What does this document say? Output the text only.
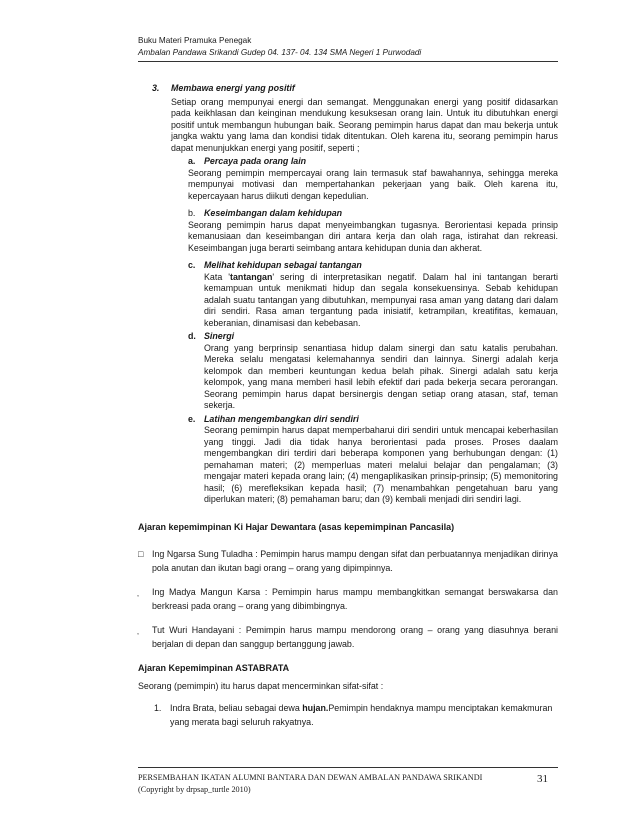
Buku Materi Pramuka Penegak
Ambalan Pandawa Srikandi Gudep 04. 137- 04. 134 SMA Negeri 1 Purwodadi
3. Membawa energi yang positif
Setiap orang mempunyai energi dan semangat. Menggunakan energi yang positif didasarkan pada keikhlasan dan keinginan mendukung kesuksesan orang lain. Untuk itu dibutuhkan energi positif untuk membangun hubungan baik. Seorang pemimpin harus dapat dan mau bekerja untuk jangka waktu yang lama dan kondisi tidak ditentukan. Oleh karena itu, seorang pemimpin harus dapat menunjukkan energi yang positif, seperti ;
a. Percaya pada orang lain
Seorang pemimpin mempercayai orang lain termasuk staf bawahannya, sehingga mereka mempunyai motivasi dan mempertahankan pekerjaan yang baik. Oleh karena itu, kepercayaan harus diikuti dengan kepedulian.
b. Keseimbangan dalam kehidupan
Seorang pemimpin harus dapat menyeimbangkan tugasnya. Berorientasi kepada prinsip kemanusiaan dan keseimbangan diri antara kerja dan olah raga, istirahat dan rekreasi. Keseimbangan juga berarti seimbang antara kehidupan dunia dan akherat.
c. Melihat kehidupan sebagai tantangan
Kata 'tantangan' sering di interpretasikan negatif. Dalam hal ini tantangan berarti kemampuan untuk menikmati hidup dan segala konsekuensinya. Sebab kehidupan adalah suatu tantangan yang dibutuhkan, mempunyai rasa aman yang datang dari dalam diri sendiri. Rasa aman tergantung pada inisiatif, ketrampilan, kreatifitas, kemauan, keberanian, dinamisasi dan kebebasan.
d. Sinergi
Orang yang berprinsip senantiasa hidup dalam sinergi dan satu katalis perubahan. Mereka selalu mengatasi kelemahannya sendiri dan lainnya. Sinergi adalah kerja kelompok dan memberi keuntungan kedua belah pihak. Sinergi adalah satu kerja kelompok, yang mana memberi hasil lebih efektif dari pada bekerja secara perorangan. Seorang pemimpin harus dapat bersinergis dengan setiap orang atasan, staf, teman sekerja.
e. Latihan mengembangkan diri sendiri
Seorang pemimpin harus dapat memperbaharui diri sendiri untuk mencapai keberhasilan yang tinggi. Jadi dia tidak hanya berorientasi pada proses. Proses daalam mengembangkan diri terdiri dari beberapa komponen yang berhubungan dengan: (1) pemahaman materi; (2) memperluas materi melalui belajar dan pengalaman; (3) mengajar materi kepada orang lain; (4) mengaplikasikan prinsip-prinsip; (5) memonitoring hasil; (6) merefleksikan kepada hasil; (7) menambahkan pengetahuan baru yang diperlukan materi; (8) pemahaman baru; dan (9) kembali menjadi diri sendiri lagi.
Ajaran kepemimpinan Ki Hajar Dewantara (asas kepemimpinan Pancasila)
□ Ing Ngarsa Sung Tuladha : Pemimpin harus mampu dengan sifat dan perbuatannya menjadikan dirinya pola anutan dan ikutan bagi orang – orang yang dipimpinnya.
Ing Madya Mangun Karsa : Pemimpin harus mampu membangkitkan semangat berswakarsa dan berkreasi pada orang – orang yang dibimbingnya.
Tut Wuri Handayani : Pemimpin harus mampu mendorong orang – orang yang diasuhnya berani berjalan di depan dan sanggup bertanggung jawab.
Ajaran Kepemimpinan ASTABRATA
Seorang (pemimpin) itu harus dapat mencerminkan sifat-sifat :
1. Indra Brata, beliau sebagai dewa hujan.Pemimpin hendaknya mampu menciptakan kemakmuran yang merata bagi seluruh rakyatnya.
PERSEMBAHAN IKATAN ALUMNI BANTARA DAN DEWAN AMBALAN PANDAWA SRIKANDI
(Copyright by drpsap_turtle 2010)
31
